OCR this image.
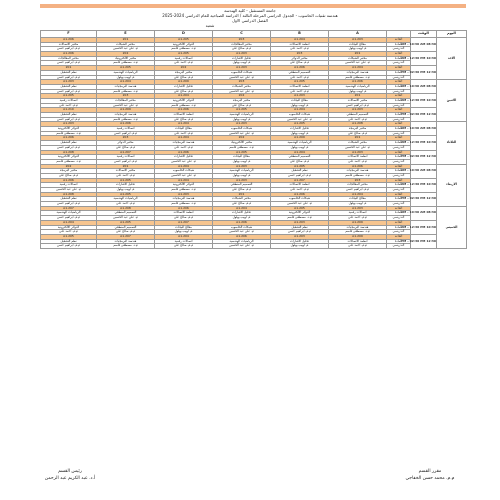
جامعة المستقبل - كلية الهندسة
هندسة تقنيات الحاسوب - الجدول الدراسي المرحلة الثالثة / الدراسة الصباحية للعام الدراسي 2024-2025
الفصل الدراسي الاول
شعبة
اليوم	الوقت		A	B	C	D	E	F
الاحد	08:30 AM - 10:30 AM	القاعة	A1.203	A1.204	203	A1.205	201	A1.206
		المادة	معالج البيانات	انظمة الاتصالات	مختبر المعالجات	الدوائر الالكترونية	مختبر الشبكات	مختبر الاتصالات
		التدريسي	م. لهيب بهلول	م.م. احمد علي	م.م. صالح علي	م.د. مصطفى قاسم	م. علي عبد الحسين	م.م. ابراهيم حسن
	10:30 AM - 12:30 PM	القاعة	201	203	A1.203	A1.205	202	A1.206
		المادة	مختبر الشبكات	مختبر الدوائر	تحليل الاشارات	اتصالات رقمية	مختبر الالكترونيك	مختبر المعالجات
		التدريسي	م. علي عبد الحسين	م.م. صالح علي	م. لهيب بهلول	م.م. احمد علي	م.د. مصطفى قاسم	م.م. ابراهيم حسن
	12:30 PM - 02:30 PM	القاعة	A1.204	A1.206	A1.203	202	A1.205	201
		المادة	هندسة البرمجيات	التصميم المنطقي	شبكات الحاسوب	مختبر البرمجة	الرياضيات الهندسية	نظم التشغيل
		التدريسي	م.د. مصطفى قاسم	م.م. احمد علي	م. علي عبد الحسين	م.م. صالح علي	م. لهيب بهلول	م.م. ابراهيم حسن
الاثنين	08:30 AM - 10:30 AM	القاعة	A1.206	A1.205	203	A1.209	A1.204	A1.203
		المادة	الرياضيات الهندسية	انظمة الاتصالات	مختبر الشبكات	تحليل الاشارات	هندسة البرمجيات	نظم التشغيل
		التدريسي	م. لهيب بهلول	م.م. احمد علي	م. علي عبد الحسين	م.م. صالح علي	م.د. مصطفى قاسم	م.م. ابراهيم حسن
	10:30 AM - 12:30 PM	القاعة	201	A1.203	202	A1.204	203	A1.205
		المادة	مختبر الاتصالات	معالج البيانات	مختبر البرمجة	الدوائر الالكترونية	مختبر المعالجات	اتصالات رقمية
		التدريسي	م.م. ابراهيم حسن	م. لهيب بهلول	م.م. صالح علي	م.د. مصطفى قاسم	م. علي عبد الحسين	م.م. احمد علي
	12:30 PM - 02:30 PM	القاعة	A1.203	A1.204	A1.205	A1.206	A1.209	A1.210
		المادة	التصميم المنطقي	شبكات الحاسوب	الرياضيات الهندسية	انظمة الاتصالات	هندسة البرمجيات	نظم التشغيل
		التدريسي	م.م. احمد علي	م. علي عبد الحسين	م. لهيب بهلول	م.م. صالح علي	م.د. مصطفى قاسم	م.م. ابراهيم حسن
الثلاثاء	08:30 AM - 10:30 AM	القاعة	A1.208	A1.205	A1.203	A1.204	A1.206	A1.203
		المادة	مختبر البرمجة	تحليل الاشارات	شبكات الحاسوب	معالج البيانات	اتصالات رقمية	الدوائر الالكترونية
		التدريسي	م.م. صالح علي	م. لهيب بهلول	م. علي عبد الحسين	م.م. احمد علي	م.م. ابراهيم حسن	م.د. مصطفى قاسم
	10:30 AM - 12:30 PM	القاعة	201	A1.209	202	A1.204	203	A1.206
		المادة	مختبر الشبكات	الرياضيات الهندسية	مختبر الالكترونيك	هندسة البرمجيات	مختبر الدوائر	نظم التشغيل
		التدريسي	م. علي عبد الحسين	م. لهيب بهلول	م.د. مصطفى قاسم	م.م. احمد علي	م.م. صالح علي	م.م. ابراهيم حسن
	12:30 PM - 02:30 PM	القاعة	A1.203	A1.204	A1.205	A1.206	A1.207	A1.208
		المادة	انظمة الاتصالات	التصميم المنطقي	معالج البيانات	تحليل الاشارات	اتصالات رقمية	الدوائر الالكترونية
		التدريسي	م.م. احمد علي	م.م. صالح علي	م. لهيب بهلول	م. علي عبد الحسين	م.م. ابراهيم حسن	م.د. مصطفى قاسم
الاربعاء	08:30 AM - 10:30 AM	القاعة	A1.206	A1.205	A1.203	A1.204	201	202
		المادة	هندسة البرمجيات	نظم التشغيل	الرياضيات الهندسية	شبكات الحاسوب	مختبر الاتصالات	مختبر البرمجة
		التدريسي	م.د. مصطفى قاسم	م.م. ابراهيم حسن	م. لهيب بهلول	م. علي عبد الحسين	م.م. احمد علي	م.م. صالح علي
	10:30 AM - 12:30 PM	القاعة	203	A1.207	A1.203	A1.204	A1.205	A1.206
		المادة	مختبر المعالجات	انظمة الاتصالات	التصميم المنطقي	الدوائر الالكترونية	تحليل الاشارات	اتصالات رقمية
		التدريسي	م.م. ابراهيم حسن	م.م. احمد علي	م.م. صالح علي	م.د. مصطفى قاسم	م. لهيب بهلول	م. علي عبد الحسين
	12:30 PM - 02:30 PM	القاعة	A1.204	A1.206	201	A1.203	A1.205	A1.208
		المادة	معالج البيانات	شبكات الحاسوب	مختبر الشبكات	هندسة البرمجيات	الرياضيات الهندسية	نظم التشغيل
		التدريسي	م. لهيب بهلول	م. علي عبد الحسين	م.م. صالح علي	م.د. مصطفى قاسم	م.م. احمد علي	م.م. ابراهيم حسن
الخميس	08:30 AM - 10:30 AM	القاعة	A1.203	A1.205	A1.204	A1.206	A1.208	A1.207
		المادة	اتصالات رقمية	الدوائر الالكترونية	تحليل الاشارات	انظمة الاتصالات	التصميم المنطقي	الرياضيات الهندسية
		التدريسي	م.م. احمد علي	م.د. مصطفى قاسم	م. لهيب بهلول	م.م. صالح علي	م. علي عبد الحسين	م.م. ابراهيم حسن
	10:30 AM - 12:30 PM	القاعة	A1.209	A1.203	A1.206	A1.207	A1.205	A1.204
		المادة	هندسة البرمجيات	نظم التشغيل	شبكات الحاسوب	معالج البيانات	التصميم المنطقي	الدوائر الالكترونية
		التدريسي	م.د. مصطفى قاسم	م.م. ابراهيم حسن	م. علي عبد الحسين	م. لهيب بهلول	م.م. صالح علي	م.م. احمد علي
	12:30 PM - 02:30 PM	القاعة	A1.209	A1.203	A1.206	A1.204	A1.207	A1.205
		المادة	انظمة الاتصالات	تحليل الاشارات	الرياضيات الهندسية	اتصالات رقمية	هندسة البرمجيات	نظم التشغيل
		التدريسي	م.م. احمد علي	م. لهيب بهلول	م. علي عبد الحسين	م.م. صالح علي	م.د. مصطفى قاسم	م.م. ابراهيم حسن
رئيس القسم
أ.د. عبد الكريم عبد الرحمن
مقرر القسم
م.م. محمد حسن الخفاجي
